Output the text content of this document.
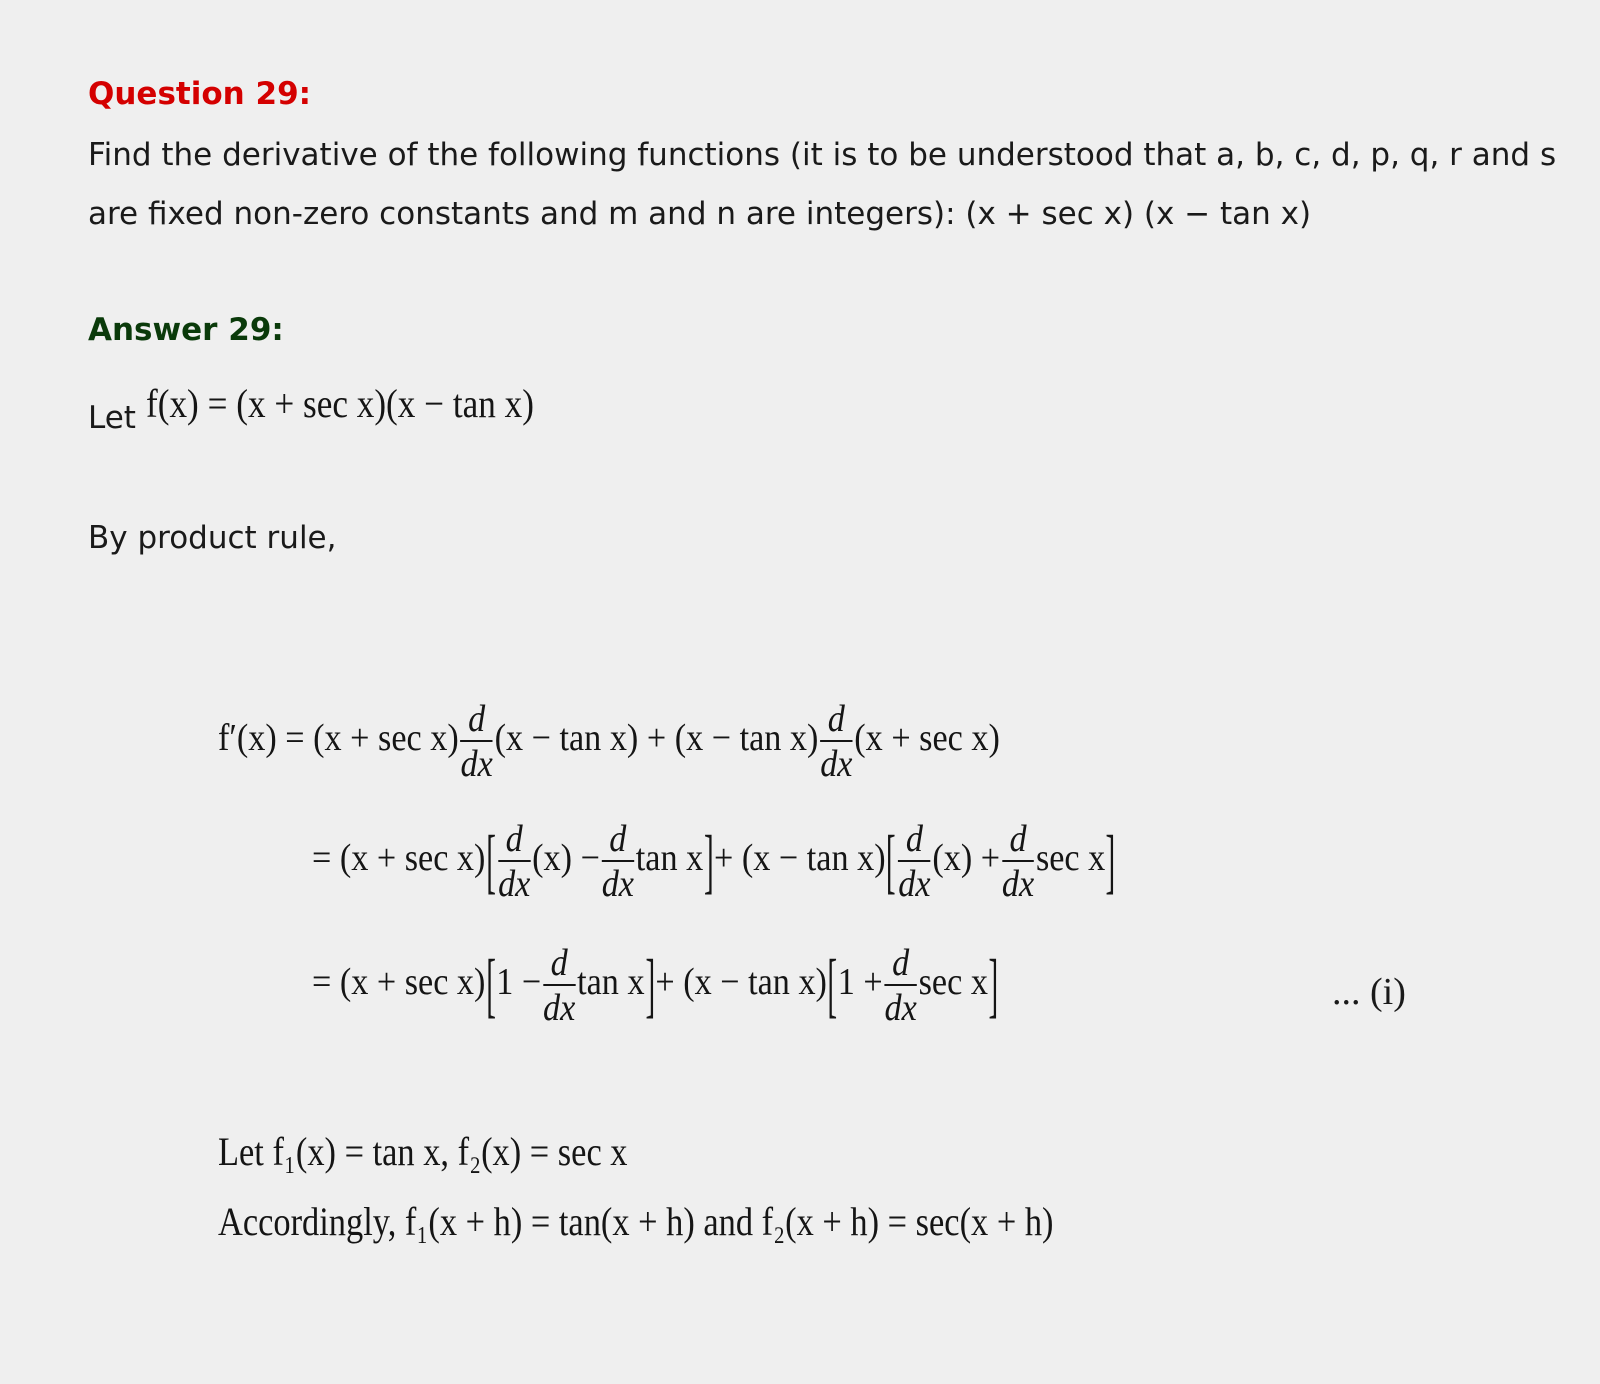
Question 29:
Find the derivative of the following functions (it is to be understood that a, b, c, d, p, q, r and s are fixed non-zero constants and m and n are integers): (x + sec x) (x − tan x)
Answer 29:
Let f(x) = (x + sec x)(x − tan x)
By product rule,
$f'(x) = (x + \sec x) \frac{d}{dx} (x - \tan x) + (x - \tan x) \frac{d}{dx} (x + \sec x)$
= $(x + \sec x)[ \frac{d}{dx} (x) - \frac{d}{dx}$ $\tan x]+ (x - \tan x)[ \frac{d}{dx} (x) + \frac{d}{dx}$ sec x]
= $(x + \sec x)[1 - \frac{d}{dx}$ $\tan x]+ (x - \tan x)[1 + \frac{d}{dx}$ sec x]	... (i)
Let f₁(x) = tan x, f₂(x) = sec x
Accordingly, f₁(x + h) = tan(x + h) and f₂(x + h) = sec(x + h)
